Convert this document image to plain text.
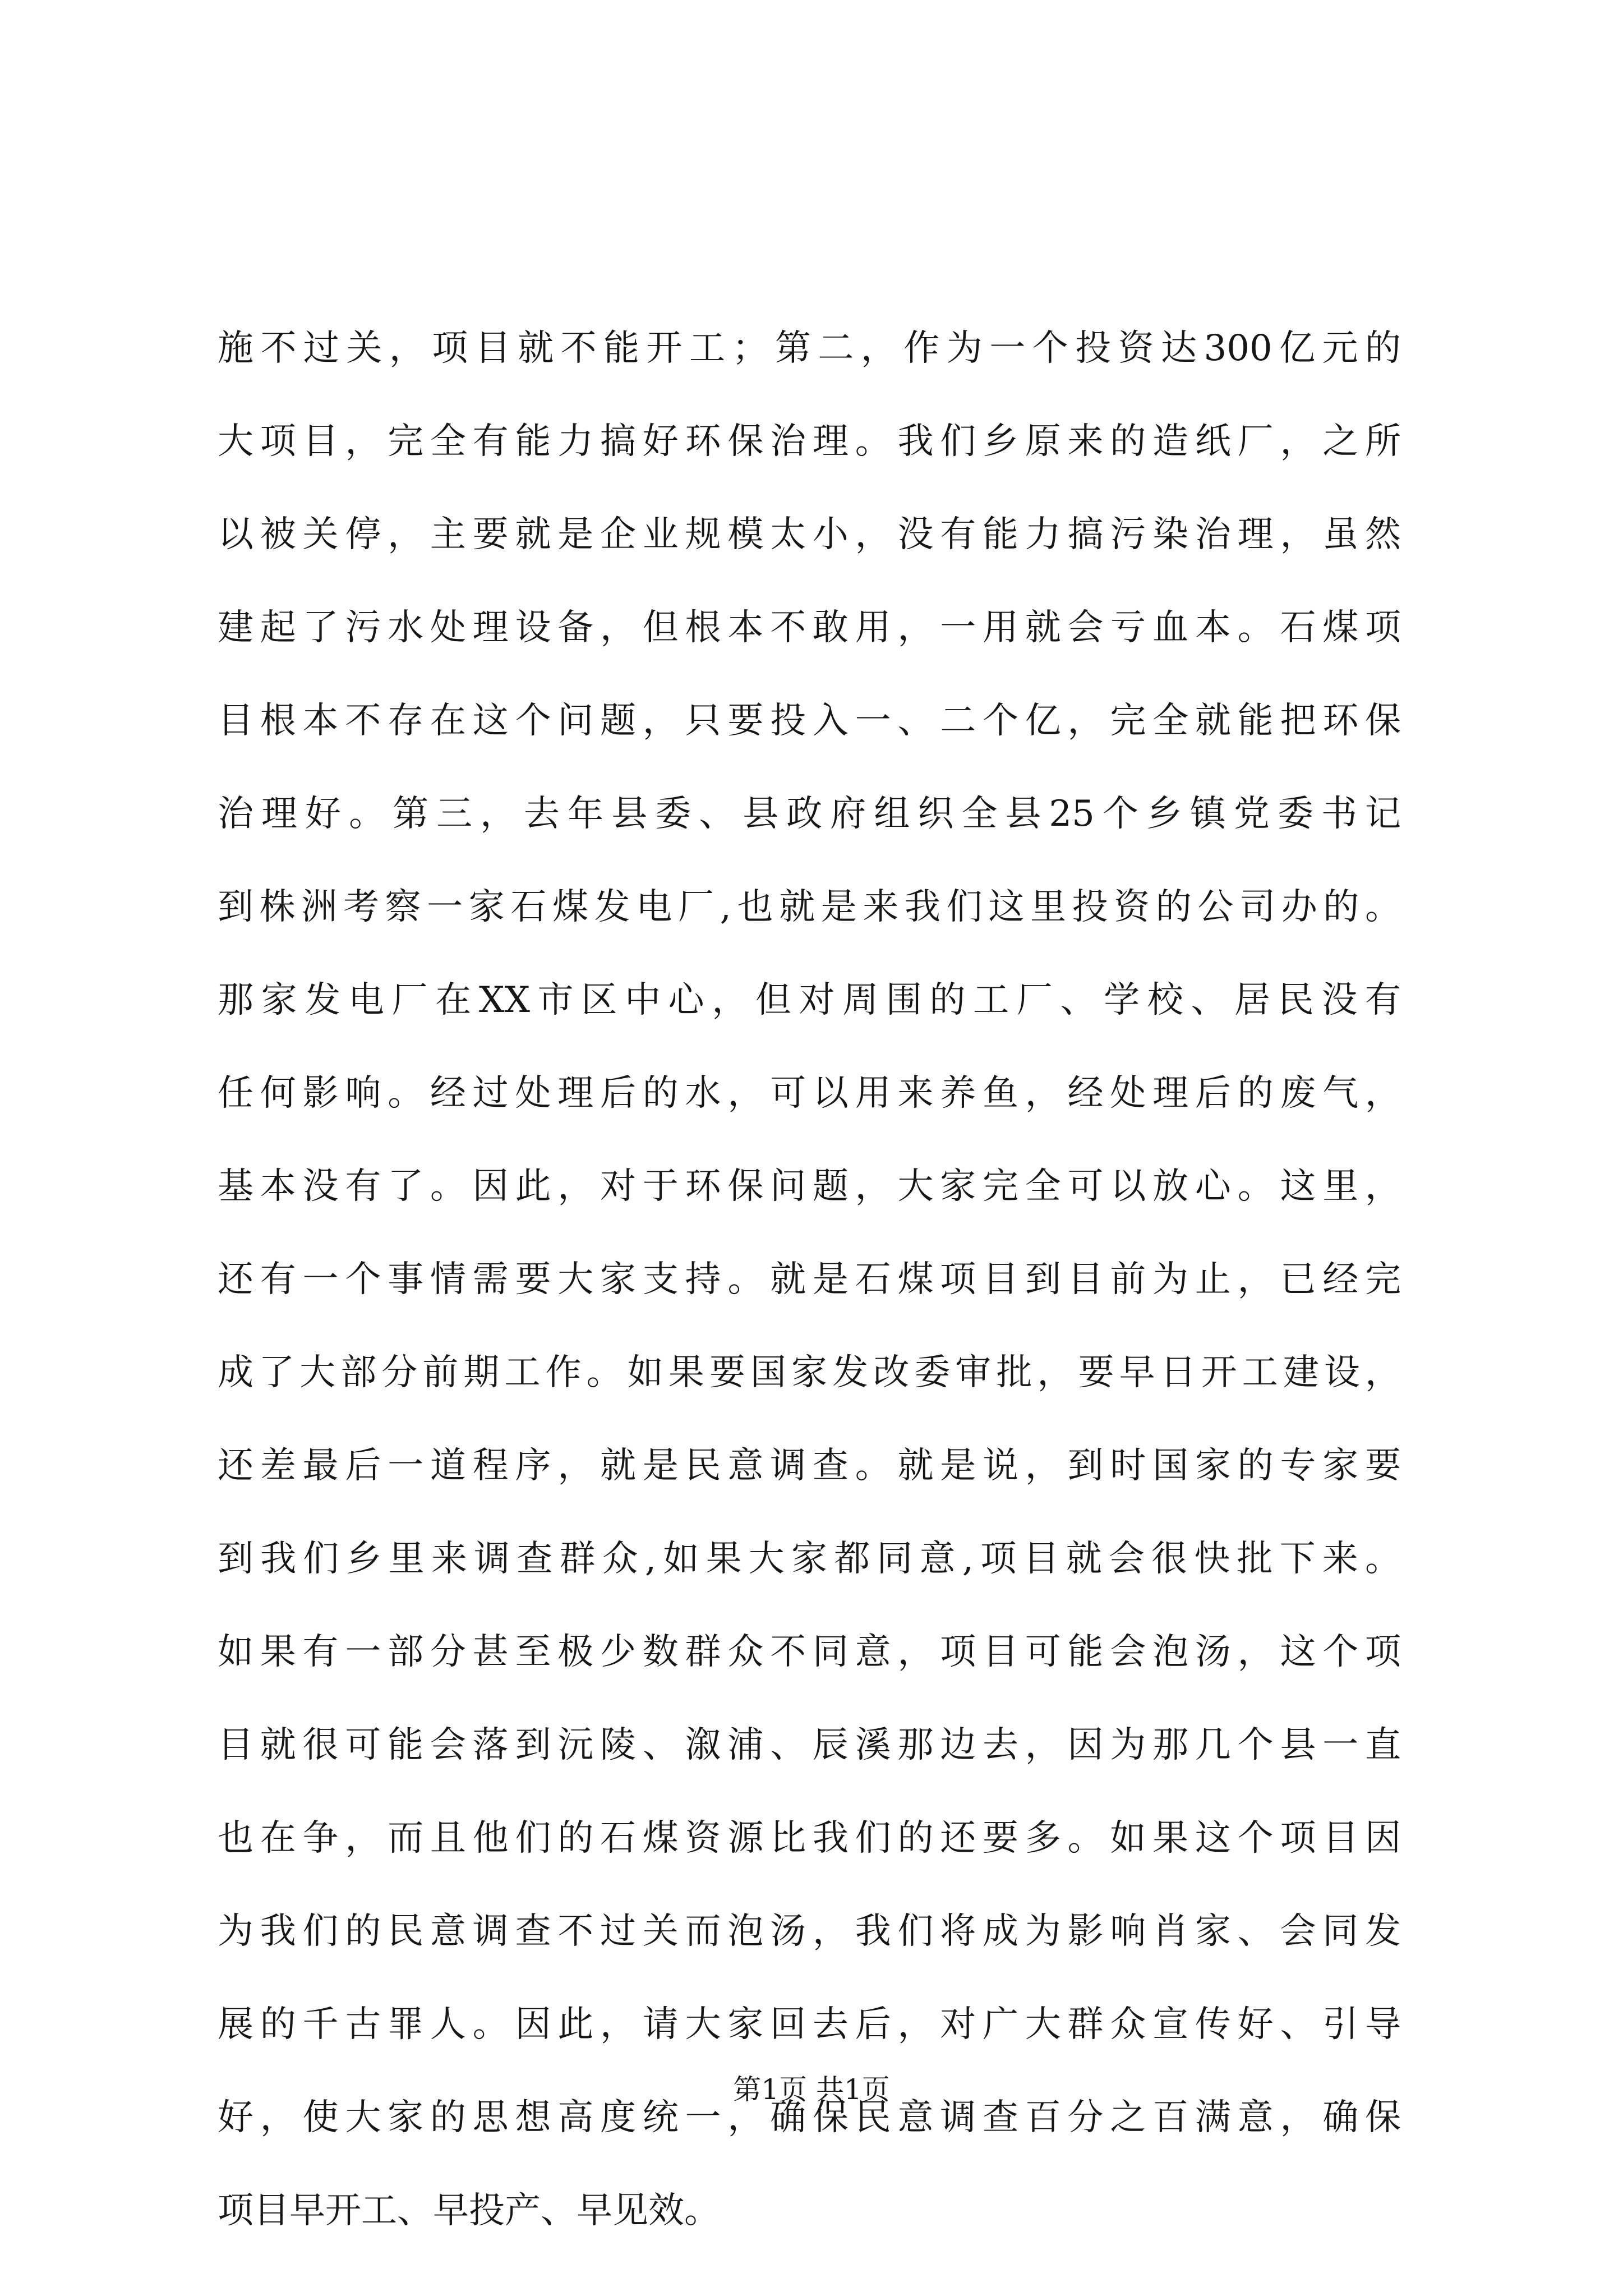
施不过关，项目就不能开工；第二，作为一个投资达300亿元的
大项目，完全有能力搞好环保治理。我们乡原来的造纸厂，之所
以被关停，主要就是企业规模太小，没有能力搞污染治理，虽然
建起了污水处理设备，但根本不敢用，一用就会亏血本。石煤项
目根本不存在这个问题，只要投入一、二个亿，完全就能把环保
治理好。第三，去年县委、县政府组织全县25个乡镇党委书记
到株洲考察一家石煤发电厂,也就是来我们这里投资的公司办的。
那家发电厂在XX市区中心，但对周围的工厂、学校、居民没有
任何影响。经过处理后的水，可以用来养鱼，经处理后的废气，
基本没有了。因此，对于环保问题，大家完全可以放心。这里，
还有一个事情需要大家支持。就是石煤项目到目前为止，已经完
成了大部分前期工作。如果要国家发改委审批，要早日开工建设，
还差最后一道程序，就是民意调查。就是说，到时国家的专家要
到我们乡里来调查群众,如果大家都同意,项目就会很快批下来。
如果有一部分甚至极少数群众不同意，项目可能会泡汤，这个项
目就很可能会落到沅陵、溆浦、辰溪那边去，因为那几个县一直
也在争，而且他们的石煤资源比我们的还要多。如果这个项目因
为我们的民意调查不过关而泡汤，我们将成为影响肖家、会同发
展的千古罪人。因此，请大家回去后，对广大群众宣传好、引导
好，使大家的思想高度统一，确保民意调查百分之百满意，确保
项目早开工、早投产、早见效。
第1页 共1页
